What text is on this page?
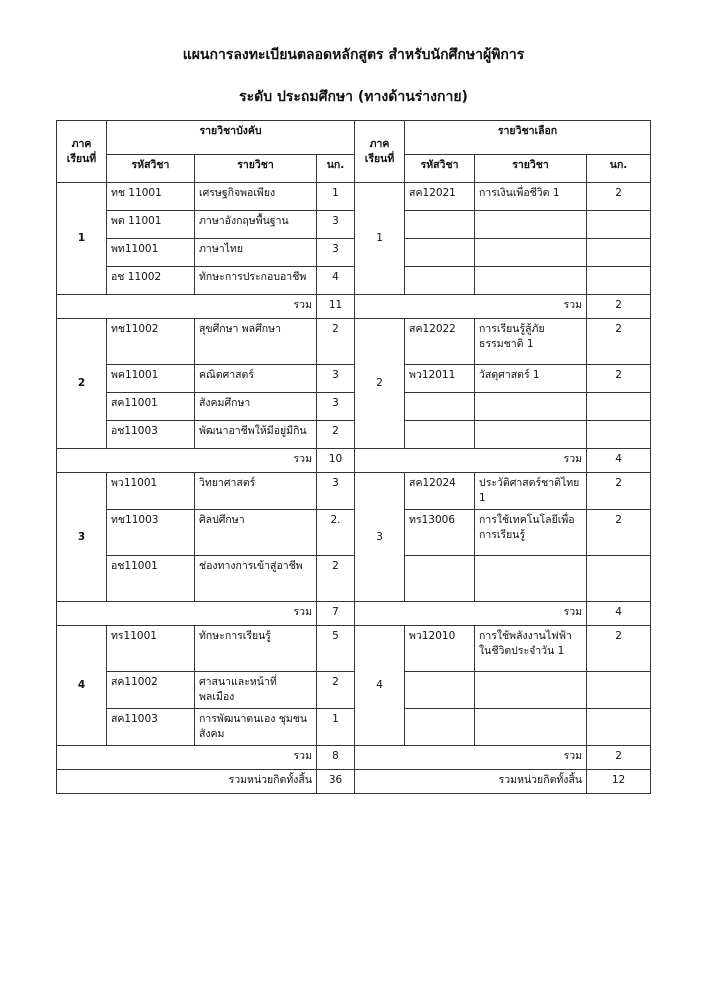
แผนการลงทะเบียนตลอดหลักสูตร สำหรับนักศึกษาผู้พิการ
ระดับ ประถมศึกษา (ทางด้านร่างกาย)
ภาค เรียนที่	รายวิชาบังคับ			ภาค เรียนที่	รายวิชาเลือก		
	รหัสวิชา	รายวิชา	นก.		รหัสวิชา	รายวิชา	นก.
1	ทช 11001	เศรษฐกิจพอเพียง	1	1	สค12021	การเงินเพื่อชีวิต 1	2
	พต 11001	ภาษาอังกฤษพื้นฐาน	3				
	พท11001	ภาษาไทย	3				
	อช 11002	ทักษะการประกอบอาชีพ	4				
รวม			11	รวม			2
2	ทช11002	สุขศึกษา พลศึกษา	2	2	สค12022	การเรียนรู้สู้ภัยธรรมชาติ 1	2
	พค11001	คณิตศาสตร์	3		พว12011	วัสดุศาสตร์ 1	2
	สค11001	สังคมศึกษา	3				
	อช11003	พัฒนาอาชีพให้มีอยู่มีกิน	2				
รวม			10	รวม			4
3	พว11001	วิทยาศาสตร์	3	3	สค12024	ประวัติศาสตร์ชาติไทย 1	2
	ทช11003	ศิลปศึกษา	2.		ทร13006	การใช้เทคโนโลยีเพื่อการเรียนรู้	2
	อช11001	ช่องทางการเข้าสู่อาชีพ	2				
รวม			7	รวม			4
4	ทร11001	ทักษะการเรียนรู้	5	4	พว12010	การใช้พลังงานไฟฟ้าในชีวิตประจำวัน 1	2
	สค11002	ศาสนาและหน้าที่พลเมือง	2				
	สค11003	การพัฒนาตนเอง ชุมชน สังคม	1				
รวม			8	รวม			2
รวมหน่วยกิตทั้งสิ้น			36	รวมหน่วยกิตทั้งสิ้น			12
